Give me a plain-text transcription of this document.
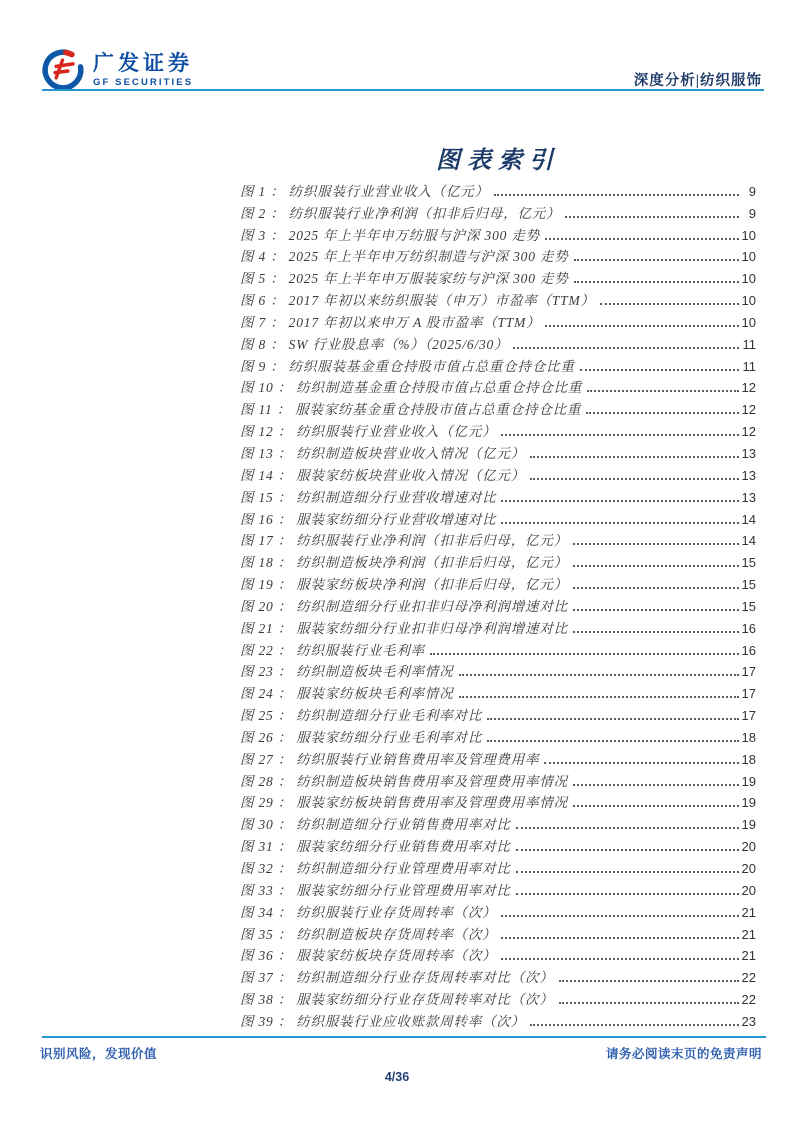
广发证券
GF SECURITIES	深度分析|纺织服饰
图表索引
图 1 ： 纺织服装行业营业收入（亿元）	9
图 2 ： 纺织服装行业净利润（扣非后归母，亿元）	9
图 3 ： 2025 年上半年申万纺服与沪深 300 走势	10
图 4 ： 2025 年上半年申万纺织制造与沪深 300 走势	10
图 5 ： 2025 年上半年申万服装家纺与沪深 300 走势	10
图 6 ： 2017 年初以来纺织服装（申万）市盈率（TTM）	10
图 7 ： 2017 年初以来申万 A 股市盈率（TTM）	10
图 8 ： SW 行业股息率（%）（2025/6/30）	11
图 9 ： 纺织服装基金重仓持股市值占总重仓持仓比重	11
图 10 ： 纺织制造基金重仓持股市值占总重仓持仓比重	12
图 11 ： 服装家纺基金重仓持股市值占总重仓持仓比重	12
图 12 ： 纺织服装行业营业收入（亿元）	12
图 13 ： 纺织制造板块营业收入情况（亿元）	13
图 14 ： 服装家纺板块营业收入情况（亿元）	13
图 15 ： 纺织制造细分行业营收增速对比	13
图 16 ： 服装家纺细分行业营收增速对比	14
图 17 ： 纺织服装行业净利润（扣非后归母，亿元）	14
图 18 ： 纺织制造板块净利润（扣非后归母，亿元）	15
图 19 ： 服装家纺板块净利润（扣非后归母，亿元）	15
图 20 ： 纺织制造细分行业扣非归母净利润增速对比	15
图 21 ： 服装家纺细分行业扣非归母净利润增速对比	16
图 22 ： 纺织服装行业毛利率	16
图 23 ： 纺织制造板块毛利率情况	17
图 24 ： 服装家纺板块毛利率情况	17
图 25 ： 纺织制造细分行业毛利率对比	17
图 26 ： 服装家纺细分行业毛利率对比	18
图 27 ： 纺织服装行业销售费用率及管理费用率	18
图 28 ： 纺织制造板块销售费用率及管理费用率情况	19
图 29 ： 服装家纺板块销售费用率及管理费用率情况	19
图 30 ： 纺织制造细分行业销售费用率对比	19
图 31 ： 服装家纺细分行业销售费用率对比	20
图 32 ： 纺织制造细分行业管理费用率对比	20
图 33 ： 服装家纺细分行业管理费用率对比	20
图 34 ： 纺织服装行业存货周转率（次）	21
图 35 ： 纺织制造板块存货周转率（次）	21
图 36 ： 服装家纺板块存货周转率（次）	21
图 37 ： 纺织制造细分行业存货周转率对比（次）	22
图 38 ： 服装家纺细分行业存货周转率对比（次）	22
图 39 ： 纺织服装行业应收账款周转率（次）	23
识别风险，发现价值	请务必阅读末页的免责声明
4/36
